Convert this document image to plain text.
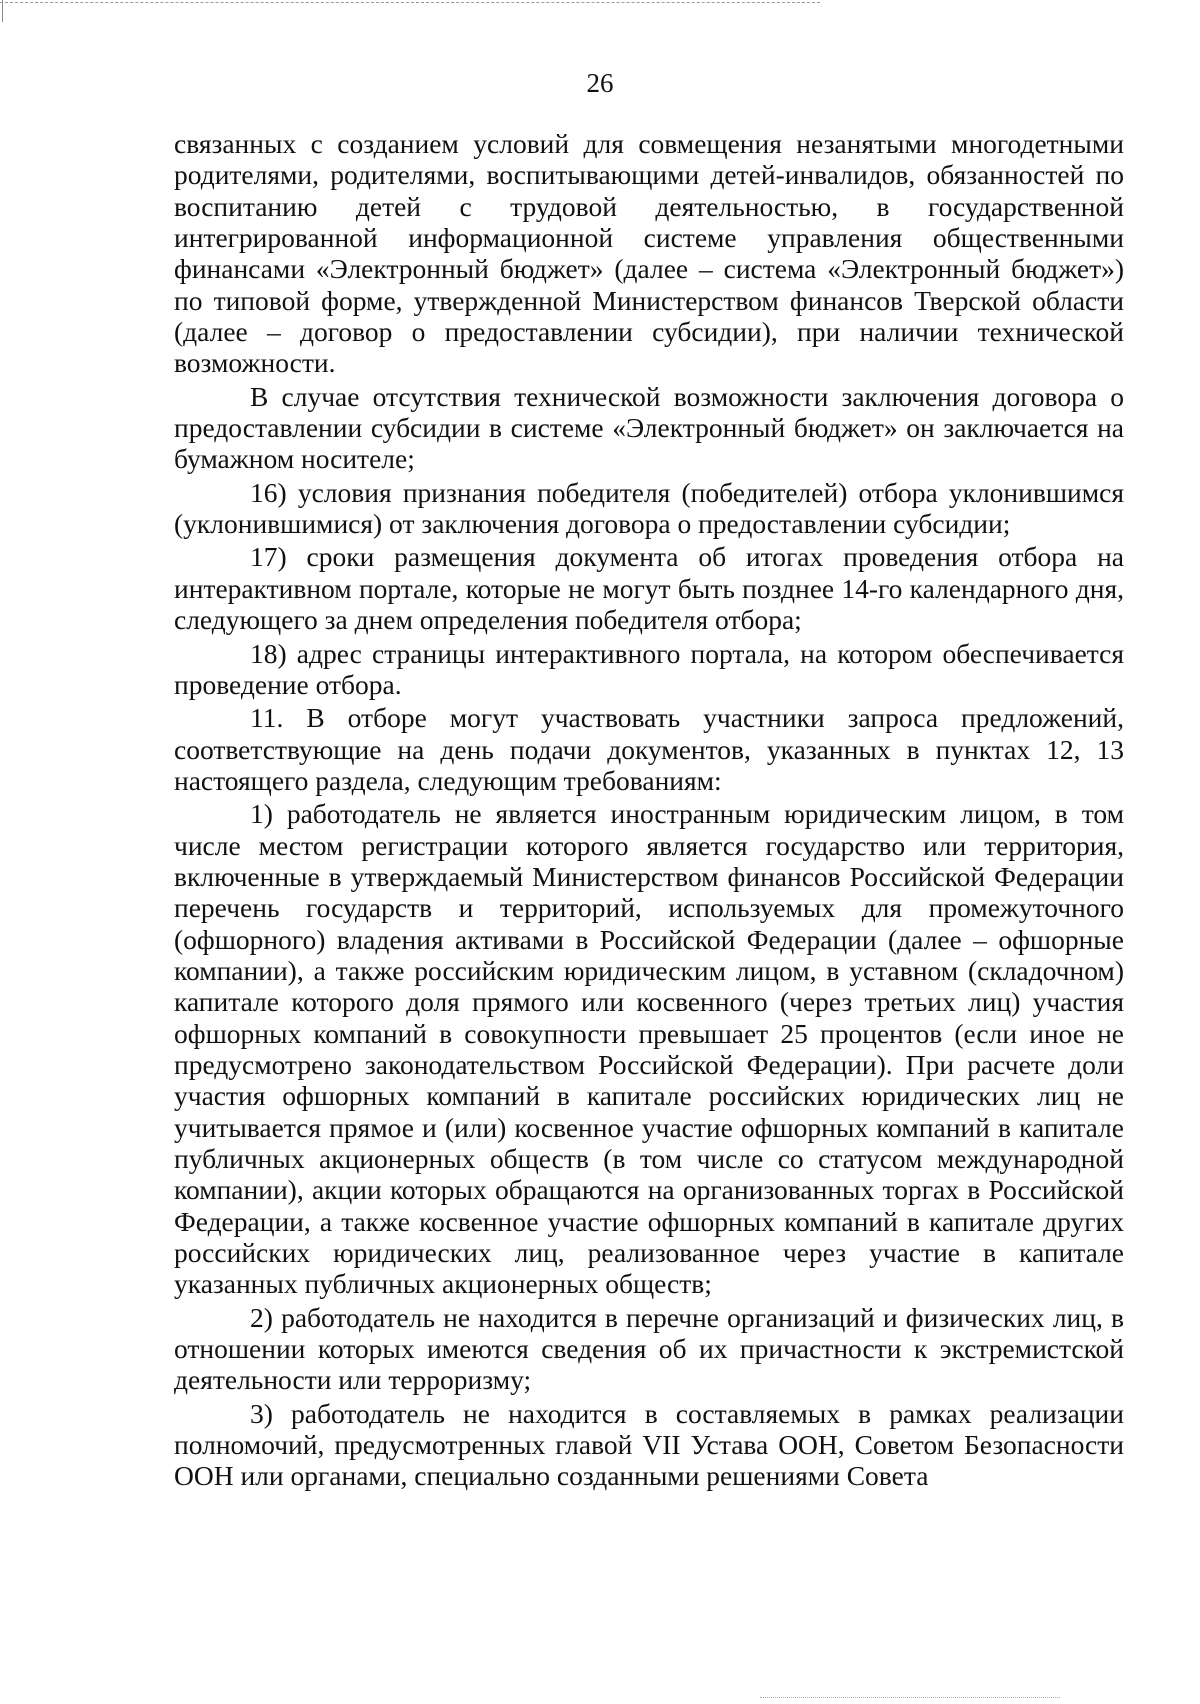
26

связанных с созданием условий для совмещения незанятыми многодетными родителями, родителями, воспитывающими детей-инвалидов, обязанностей по воспитанию детей с трудовой деятельностью, в государственной интегрированной информационной системе управления общественными финансами «Электронный бюджет» (далее – система «Электронный бюджет») по типовой форме, утвержденной Министерством финансов Тверской области (далее – договор о предоставлении субсидии), при наличии технической возможности.

В случае отсутствия технической возможности заключения договора о предоставлении субсидии в системе «Электронный бюджет» он заключается на бумажном носителе;

16) условия признания победителя (победителей) отбора уклонившимся (уклонившимися) от заключения договора о предоставлении субсидии;

17) сроки размещения документа об итогах проведения отбора на интерактивном портале, которые не могут быть позднее 14-го календарного дня, следующего за днем определения победителя отбора;

18) адрес страницы интерактивного портала, на котором обеспечивается проведение отбора.

11. В отборе могут участвовать участники запроса предложений, соответствующие на день подачи документов, указанных в пунктах 12, 13 настоящего раздела, следующим требованиям:

1) работодатель не является иностранным юридическим лицом, в том числе местом регистрации которого является государство или территория, включенные в утверждаемый Министерством финансов Российской Федерации перечень государств и территорий, используемых для промежуточного (офшорного) владения активами в Российской Федерации (далее – офшорные компании), а также российским юридическим лицом, в уставном (складочном) капитале которого доля прямого или косвенного (через третьих лиц) участия офшорных компаний в совокупности превышает 25 процентов (если иное не предусмотрено законодательством Российской Федерации). При расчете доли участия офшорных компаний в капитале российских юридических лиц не учитывается прямое и (или) косвенное участие офшорных компаний в капитале публичных акционерных обществ (в том числе со статусом международной компании), акции которых обращаются на организованных торгах в Российской Федерации, а также косвенное участие офшорных компаний в капитале других российских юридических лиц, реализованное через участие в капитале указанных публичных акционерных обществ;

2) работодатель не находится в перечне организаций и физических лиц, в отношении которых имеются сведения об их причастности к экстремистской деятельности или терроризму;

3) работодатель не находится в составляемых в рамках реализации полномочий, предусмотренных главой VII Устава ООН, Советом Безопасности ООН или органами, специально созданными решениями Совета
